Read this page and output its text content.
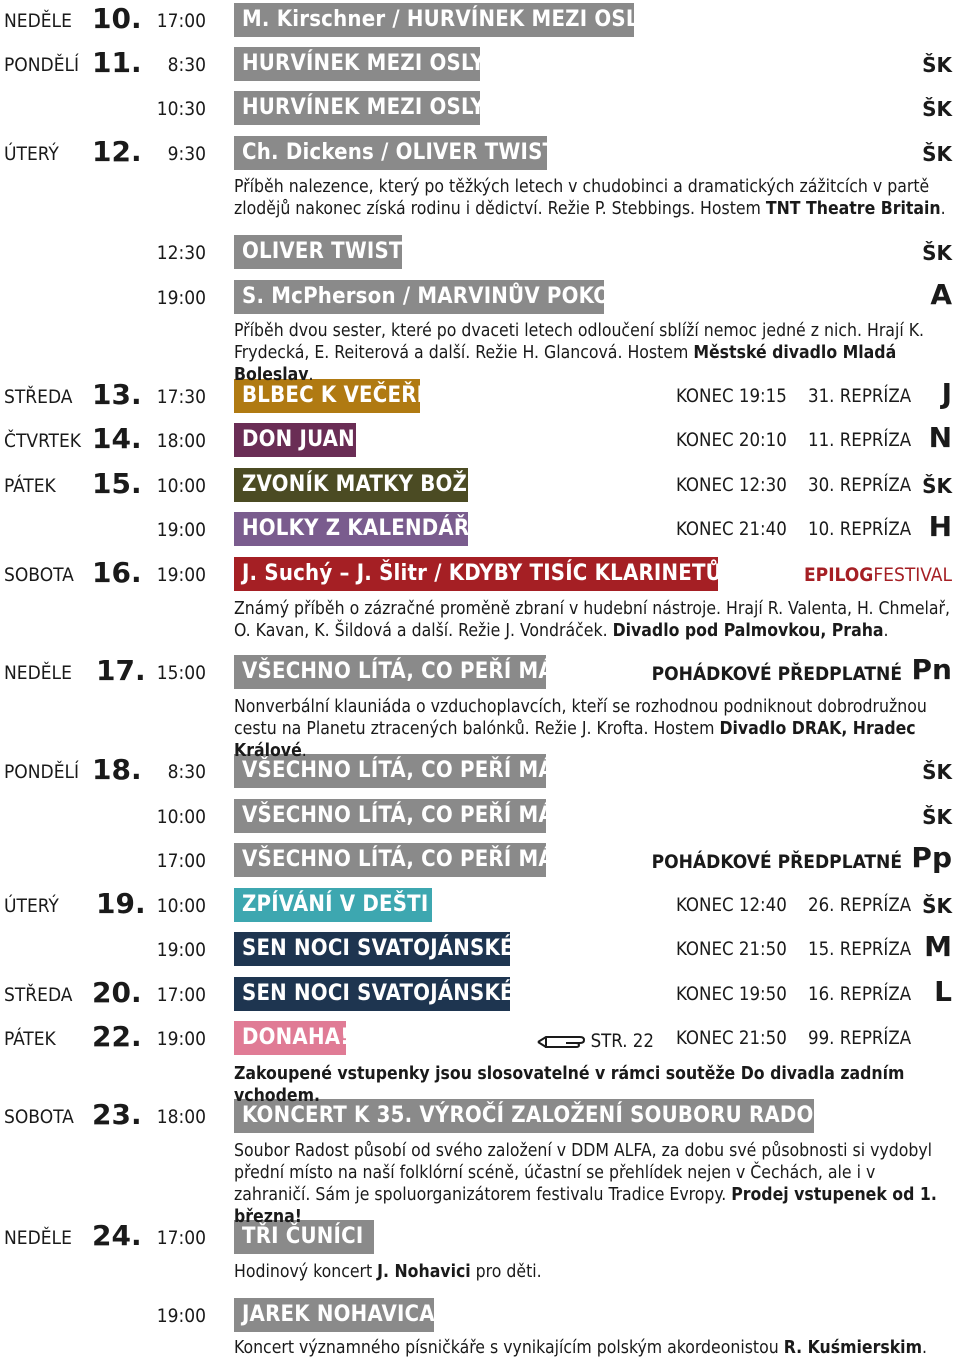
NEDĚLE 10.
PONDĚLÍ 11.
ÚTERÝ 12.
STŘEDA 13.
ČTVRTEK 14.
PÁTEK 15.
SOBOTA 16.
NEDĚLE 17.
PONDĚLÍ 18.
ÚTERÝ 19.
STŘEDA 20.
PÁTEK 22.
SOBOTA 23.
NEDĚLE 24.
17:00
8:30
10:30
9:30
12:30
19:00
17:30
18:00
10:00
19:00
19:00
15:00
8:30
10:00
17:00
10:00
19:00
17:00
19:00
18:00
17:00
19:00
M. Kirschner / HURVÍNEK MEZI OSLY
HURVÍNEK MEZI OSLY
HURVÍNEK MEZI OSLY
Ch. Dickens / OLIVER TWIST
OLIVER TWIST
S. McPherson / MARVINŮV POKOJ
BLBEC K VEČEŘI
DON JUAN
ZVONÍK MATKY BOŽÍ
HOLKY Z KALENDÁŘE
J. Suchý – J. Šlitr / KDYBY TISÍC KLARINETŮ
VŠECHNO LÍTÁ, CO PEŘÍ MÁ
VŠECHNO LÍTÁ, CO PEŘÍ MÁ
VŠECHNO LÍTÁ, CO PEŘÍ MÁ
VŠECHNO LÍTÁ, CO PEŘÍ MÁ
ZPÍVÁNÍ V DEŠTI
SEN NOCI SVATOJÁNSKÉ
SEN NOCI SVATOJÁNSKÉ
DONAHA!
KONCERT K 35. VÝROČÍ ZALOŽENÍ SOUBORU RADOST
TŘI ČUNÍCI
JAREK NOHAVICA
KONEC 19:15 31. REPRÍZA
KONEC 20:10 11. REPRÍZA
KONEC 12:30 30. REPRÍZA
KONEC 21:40 10. REPRÍZA
KONEC 12:40 26. REPRÍZA
KONEC 21:50 15. REPRÍZA
KONEC 19:50 16. REPRÍZA
KONEC 21:50 99. REPRÍZA
STR. 22
ŠK
ŠK
ŠK
ŠK
A
J
N
ŠK
H
Pn
ŠK
ŠK
Pp
ŠK
M
L
POHÁDKOVÉ PŘEDPLATNÉ
POHÁDKOVÉ PŘEDPLATNÉ
EPILOGFESTIVAL
Příběh nalezence, který po těžkých letech v chudobinci a dramatických zážitcích v partě zlodějů nakonec získá rodinu i dědictví. Režie P. Stebbings. Hostem TNT Theatre Britain.
Příběh dvou sester, které po dvaceti letech odloučení sblíží nemoc jedné z nich. Hrají K. Frydecká, E. Reiterová a další. Režie H. Glancová. Hostem Městské divadlo Mladá Boleslav.
Známý příběh o zázračné proměně zbraní v hudební nástroje. Hrají R. Valenta, H. Chmelař, O. Kavan, K. Šildová a další. Režie J. Vondráček. Divadlo pod Palmovkou, Praha.
Nonverbální klauniáda o vzduchoplavcích, kteří se rozhodnou podniknout dobrodružnou cestu na Planetu ztracených balónků. Režie J. Krofta. Hostem Divadlo DRAK, Hradec Králové.
Zakoupené vstupenky jsou slosovatelné v rámci soutěže Do divadla zadním vchodem.
Soubor Radost působí od svého založení v DDM ALFA, za dobu své působnosti si vydobyl přední místo na naší folklórní scéně, účastní se přehlídek nejen v Čechách, ale i v zahraničí. Sám je spoluorganizátorem festivalu Tradice Evropy. Prodej vstupenek od 1. března!
Hodinový koncert J. Nohavici pro děti.
Koncert významného písničkáře s vynikajícím polským akordeonistou R. Kuśmierskim.
